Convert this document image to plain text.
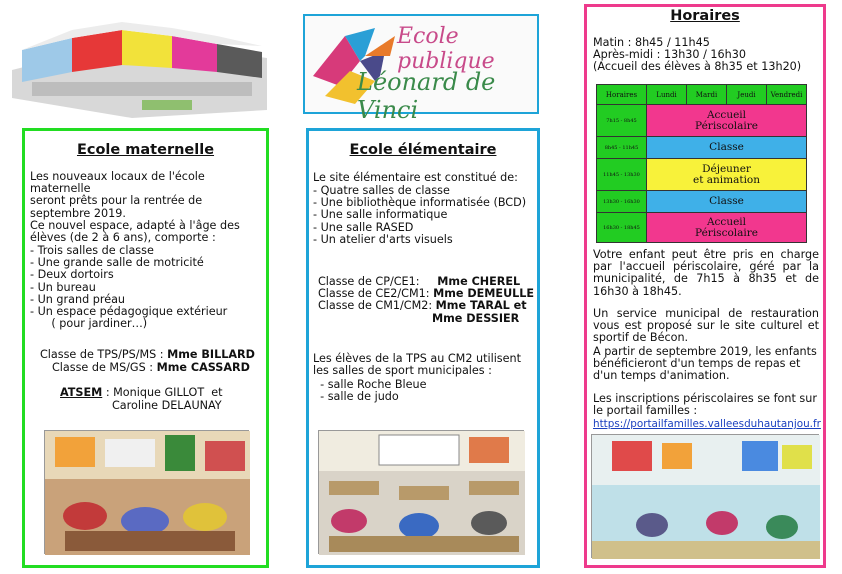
Ecole publique
Léonard de Vinci
Ecole maternelle

Les nouveaux locaux de l'école maternelle
seront prêts pour la rentrée de
septembre 2019.

Ce nouvel espace, adapté à l'âge des
élèves (de 2 à 6 ans), comporte :

- Trois salles de classe
- Une grande salle de motricité
- Deux dortoirs
- Un bureau
- Un grand préau
- Un espace pédagogique extérieur
( pour jardiner…)
Classe de TPS/PS/MS : Mme BILLARD
Classe de MS/GS : Mme CASSARD
ATSEM : Monique GILLOT  et
Caroline DELAUNAY
Ecole élémentaire
Le site élémentaire est constitué de:
- Quatre salles de classe
- Une bibliothèque informatisée (BCD)
- Une salle informatique
- Une salle RASED
- Un atelier d'arts visuels
Classe de CP/CE1:     Mme CHEREL
Classe de CE2/CM1: Mme DEMEULLE
Classe de CM1/CM2: Mme TARAL et
Mme DESSIER

Les élèves de la TPS au CM2 utilisent
les salles de sport municipales :

- salle Roche Bleue
- salle de judo
Horaires
Matin : 8h45 / 11h45
Après-midi : 13h30 / 16h30
(Accueil des élèves à 8h35 et 13h20)
Horaires	Lundi	Mardi	Jeudi	Vendredi
7h15 - 8h45	Accueil
Périscolaire			
8h45 - 11h45	Classe			
11h45 - 13h30	Déjeuner
et animation			
13h30 - 16h30	Classe			
16h30 - 18h45	Accueil
Périscolaire			

Votre enfant peut être pris en charge par l'accueil périscolaire, géré par la municipalité, de 7h15 à 8h35 et de 16h30 à 18h45.

Un service municipal de restauration vous est proposé sur le site culturel et sportif de Bécon.

A partir de septembre 2019, les enfants bénéficieront d'un temps de repas et d'un temps d'animation.

Les inscriptions périscolaires se font sur le portail familles :

https://portailfamilles.valleesduhautanjou.fr
